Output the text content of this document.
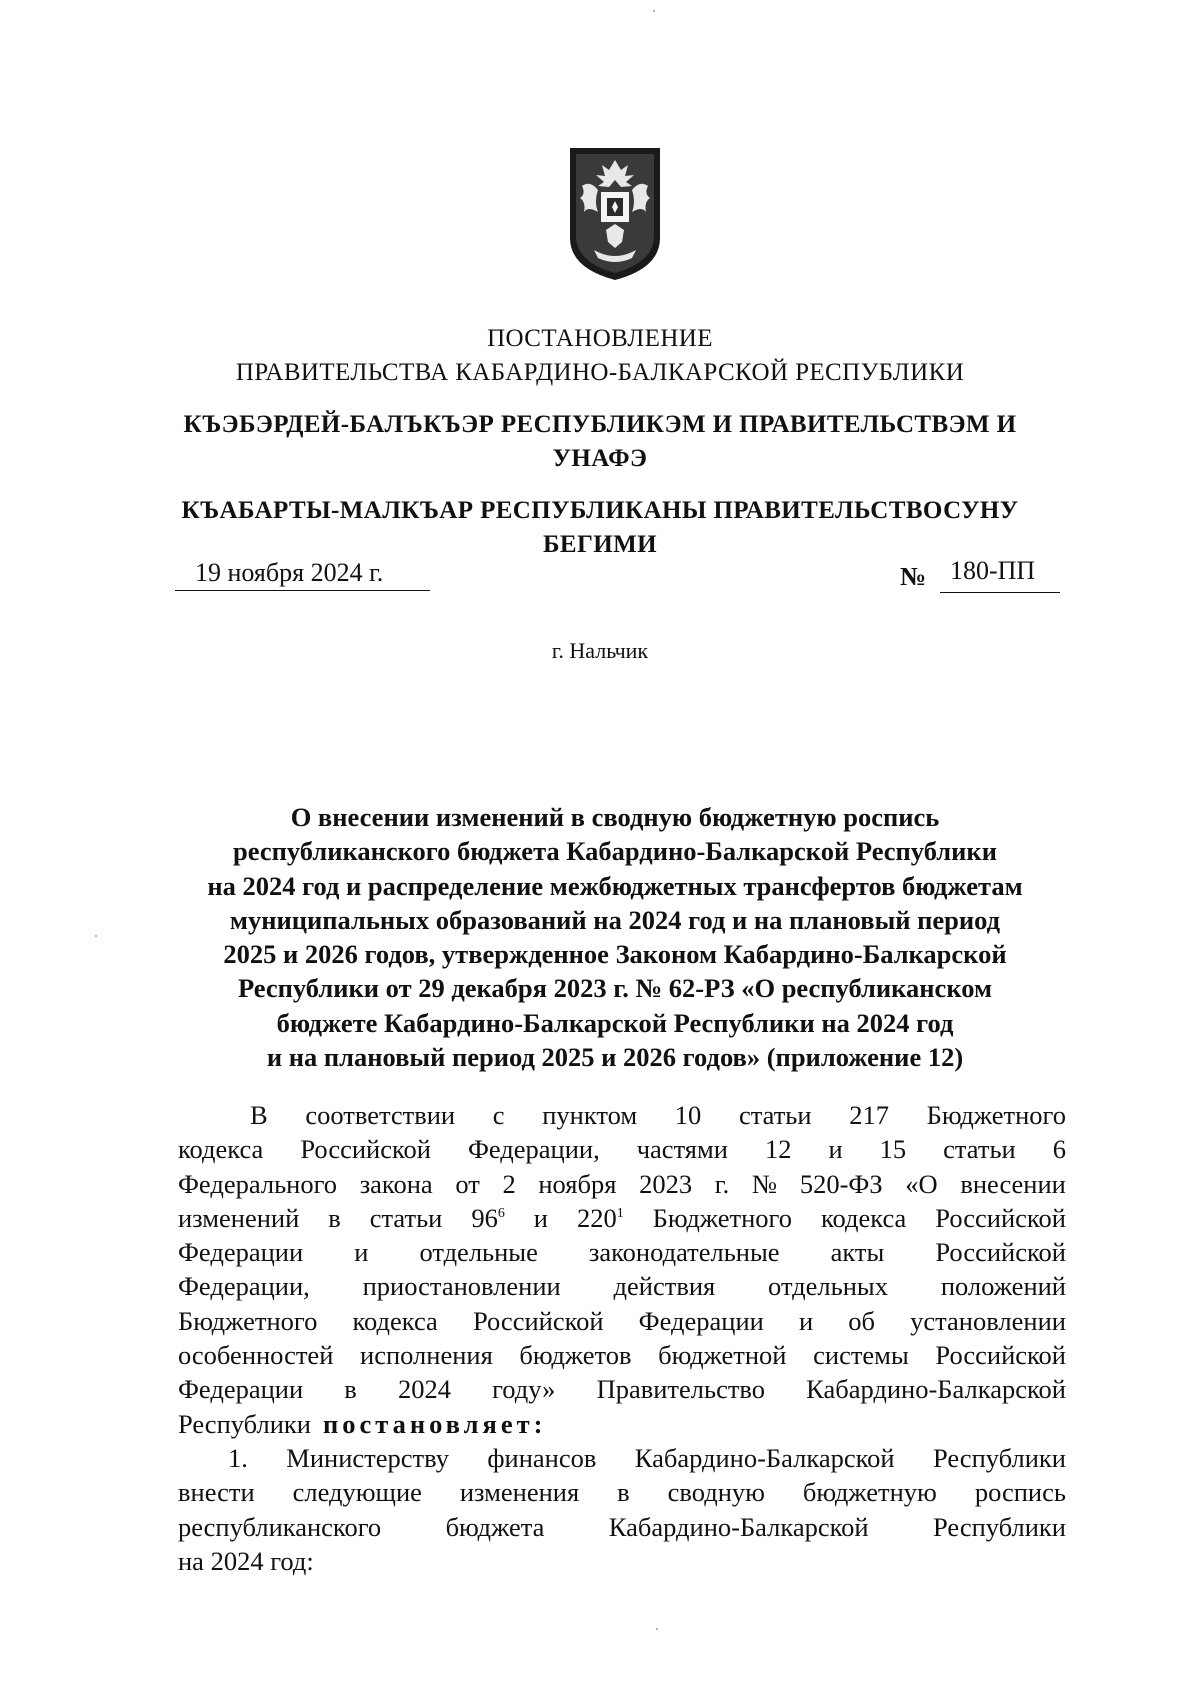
ПОСТАНОВЛЕНИЕ
ПРАВИТЕЛЬСТВА КАБАРДИНО-БАЛКАРСКОЙ РЕСПУБЛИКИ
КЪЭБЭРДЕЙ-БАЛЪКЪЭР РЕСПУБЛИКЭМ И ПРАВИТЕЛЬСТВЭМ И
УНАФЭ
КЪАБАРТЫ-МАЛКЪАР РЕСПУБЛИКАНЫ ПРАВИТЕЛЬСТВОСУНУ
БЕГИМИ
19 ноября 2024 г.	№ 180-ПП
г. Нальчик
О внесении изменений в сводную бюджетную роспись
республиканского бюджета Кабардино-Балкарской Республики
на 2024 год и распределение межбюджетных трансфертов бюджетам
муниципальных образований на 2024 год и на плановый период
2025 и 2026 годов, утвержденное Законом Кабардино-Балкарской
Республики от 29 декабря 2023 г. № 62-РЗ «О республиканском
бюджете Кабардино-Балкарской Республики на 2024 год
и на плановый период 2025 и 2026 годов» (приложение 12)
В соответствии с пунктом 10 статьи 217 Бюджетного
кодекса Российской Федерации, частями 12 и 15 статьи 6
Федерального закона от 2 ноября 2023 г. № 520-ФЗ «О внесении
изменений в статьи $96^6$ и $220^1$ Бюджетного кодекса Российской
Федерации и отдельные законодательные акты Российской
Федерации, приостановлении действия отдельных положений
Бюджетного кодекса Российской Федерации и об установлении
особенностей исполнения бюджетов бюджетной системы Российской
Федерации в 2024 году» Правительство Кабардино-Балкарской
Республики постановляет:
1. Министерству финансов Кабардино-Балкарской Республики
внести следующие изменения в сводную бюджетную роспись
республиканского бюджета Кабардино-Балкарской Республики
на 2024 год:
